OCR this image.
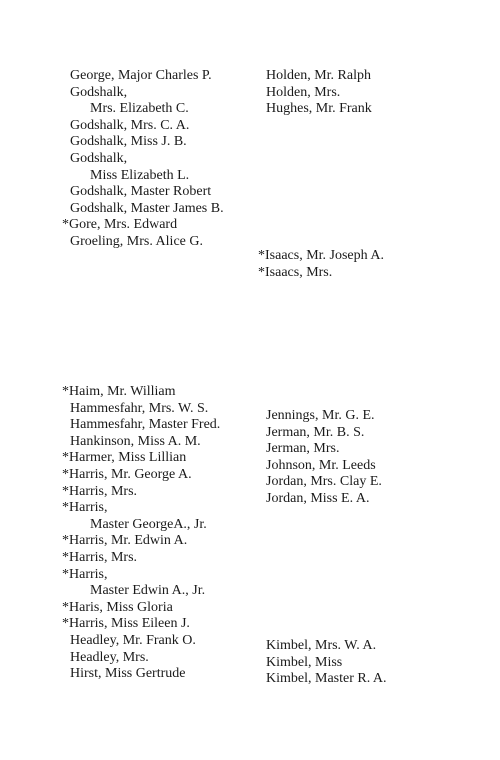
George, Major Charles P.
Godshalk,
Mrs. Elizabeth C.
Godshalk, Mrs. C. A.
Godshalk, Miss J. B.
Godshalk,
Miss Elizabeth L.
Godshalk, Master Robert
Godshalk, Master James B.
*Gore, Mrs. Edward
Groeling, Mrs. Alice G.
Holden, Mr. Ralph
Holden, Mrs.
Hughes, Mr. Frank
*Isaacs, Mr. Joseph A.
*Isaacs, Mrs.
*Haim, Mr. William
Hammesfahr, Mrs. W. S.
Hammesfahr, Master Fred.
Hankinson, Miss A. M.
*Harmer, Miss Lillian
*Harris, Mr. George A.
*Harris, Mrs.
*Harris,
Master GeorgeA., Jr.
*Harris, Mr. Edwin A.
*Harris, Mrs.
*Harris,
Master Edwin A., Jr.
*Haris, Miss Gloria
*Harris, Miss Eileen J.
Headley, Mr. Frank O.
Headley, Mrs.
Hirst, Miss Gertrude
Jennings, Mr. G. E.
Jerman, Mr. B. S.
Jerman, Mrs.
Johnson, Mr. Leeds
Jordan, Mrs. Clay E.
Jordan, Miss E. A.
Kimbel, Mrs. W. A.
Kimbel, Miss
Kimbel, Master R. A.
